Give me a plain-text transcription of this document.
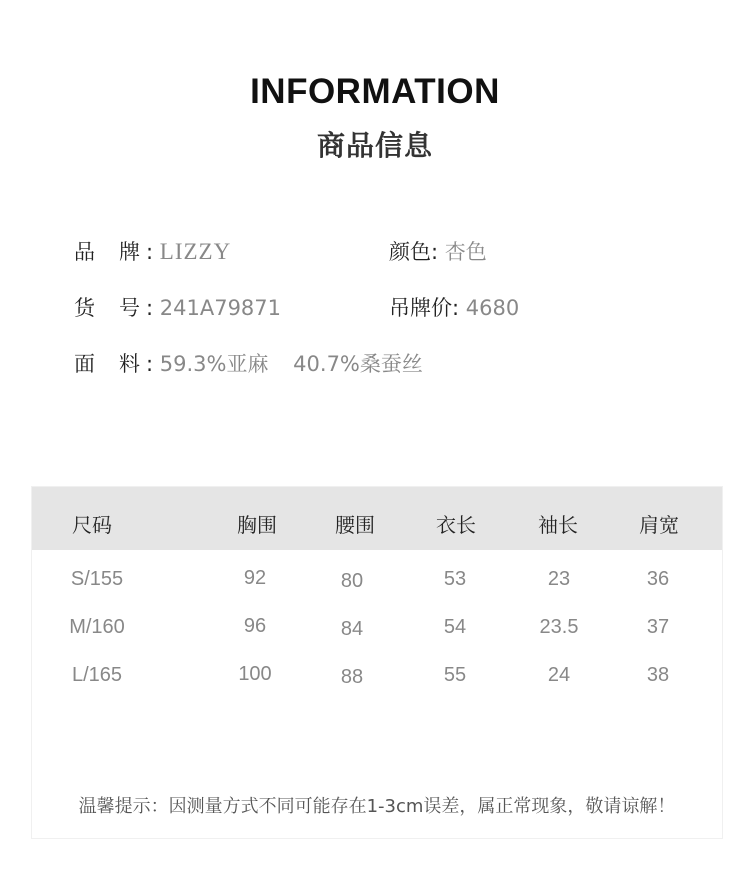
INFORMATION
商品信息
品 牌 : LIZZY	颜色: 杏色
货 号 : 241A79871	吊牌价: 4680
面 料 : 59.3%亚麻 40.7%桑蚕丝
尺码	胸围	腰围	衣长	袖长	肩宽
S/155	92	80	53	23	36
M/160	96	84	54	23.5	37
L/165	100	88	55	24	38
温馨提示：因测量方式不同可能存在1-3cm误差，属正常现象，敬请谅解！
